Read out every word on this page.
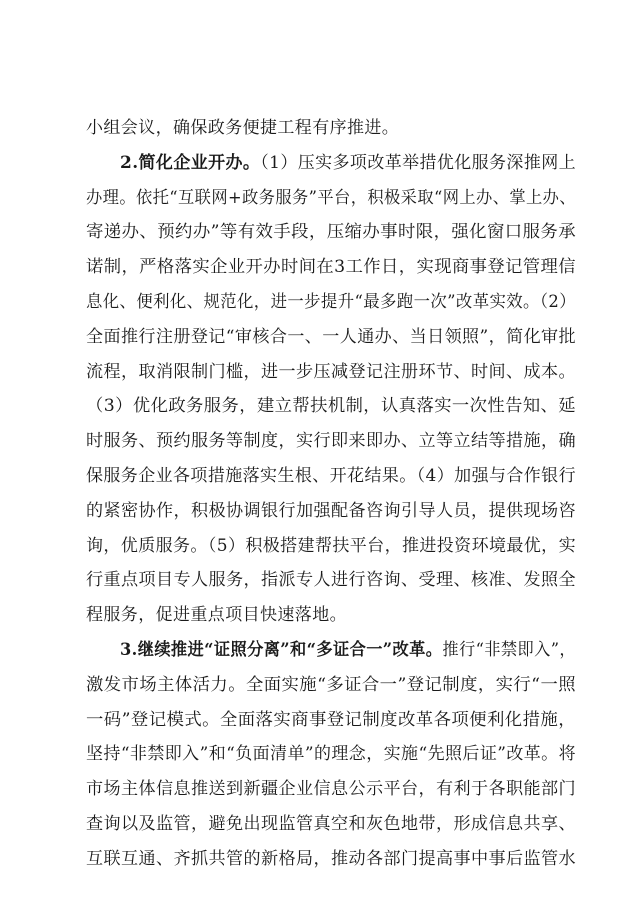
小组会议，确保政务便捷工程有序推进。
2.简化企业开办。（1）压实多项改革举措优化服务深推网上
办理。依托“互联网+政务服务”平台，积极采取“网上办、掌上办、
寄递办、预约办”等有效手段，压缩办事时限，强化窗口服务承
诺制，严格落实企业开办时间在3工作日，实现商事登记管理信
息化、便利化、规范化，进一步提升“最多跑一次”改革实效。（2）
全面推行注册登记“审核合一、一人通办、当日领照”，简化审批
流程，取消限制门槛，进一步压减登记注册环节、时间、成本。
（3）优化政务服务，建立帮扶机制，认真落实一次性告知、延
时服务、预约服务等制度，实行即来即办、立等立结等措施，确
保服务企业各项措施落实生根、开花结果。（4）加强与合作银行
的紧密协作，积极协调银行加强配备咨询引导人员，提供现场咨
询，优质服务。（5）积极搭建帮扶平台，推进投资环境最优，实
行重点项目专人服务，指派专人进行咨询、受理、核准、发照全
程服务，促进重点项目快速落地。
3.继续推进“证照分离”和“多证合一”改革。推行“非禁即入”，
激发市场主体活力。全面实施“多证合一”登记制度，实行“一照
一码”登记模式。全面落实商事登记制度改革各项便利化措施，
坚持“非禁即入”和“负面清单”的理念，实施“先照后证”改革。将
市场主体信息推送到新疆企业信息公示平台，有利于各职能部门
查询以及监管，避免出现监管真空和灰色地带，形成信息共享、
互联互通、齐抓共管的新格局，推动各部门提高事中事后监管水
